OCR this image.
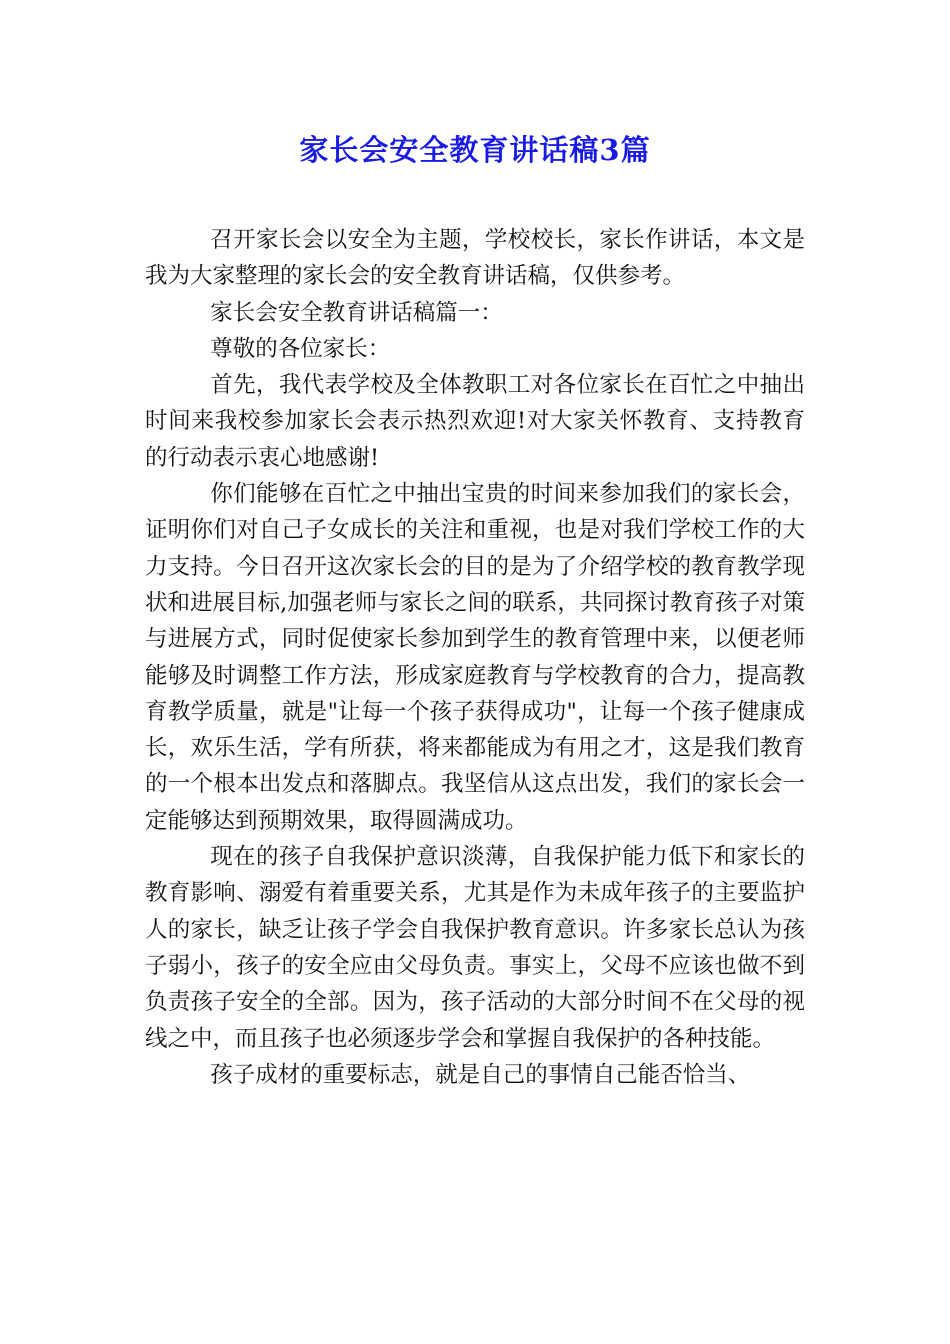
家长会安全教育讲话稿3篇

召开家长会以安全为主题，学校校长，家长作讲话，本文是我为大家整理的家长会的安全教育讲话稿，仅供参考。

家长会安全教育讲话稿篇一：

尊敬的各位家长：

首先，我代表学校及全体教职工对各位家长在百忙之中抽出时间来我校参加家长会表示热烈欢迎!对大家关怀教育、支持教育的行动表示衷心地感谢!

你们能够在百忙之中抽出宝贵的时间来参加我们的家长会，证明你们对自己子女成长的关注和重视，也是对我们学校工作的大力支持。今日召开这次家长会的目的是为了介绍学校的教育教学现状和进展目标,加强老师与家长之间的联系，共同探讨教育孩子对策与进展方式，同时促使家长参加到学生的教育管理中来，以便老师能够及时调整工作方法，形成家庭教育与学校教育的合力，提高教育教学质量，就是"让每一个孩子获得成功"，让每一个孩子健康成长，欢乐生活，学有所获，将来都能成为有用之才，这是我们教育的一个根本出发点和落脚点。我坚信从这点出发，我们的家长会一定能够达到预期效果，取得圆满成功。

现在的孩子自我保护意识淡薄，自我保护能力低下和家长的教育影响、溺爱有着重要关系，尤其是作为未成年孩子的主要监护人的家长，缺乏让孩子学会自我保护教育意识。许多家长总认为孩子弱小，孩子的安全应由父母负责。事实上，父母不应该也做不到负责孩子安全的全部。因为，孩子活动的大部分时间不在父母的视线之中，而且孩子也必须逐步学会和掌握自我保护的各种技能。

孩子成材的重要标志，就是自己的事情自己能否恰当、
